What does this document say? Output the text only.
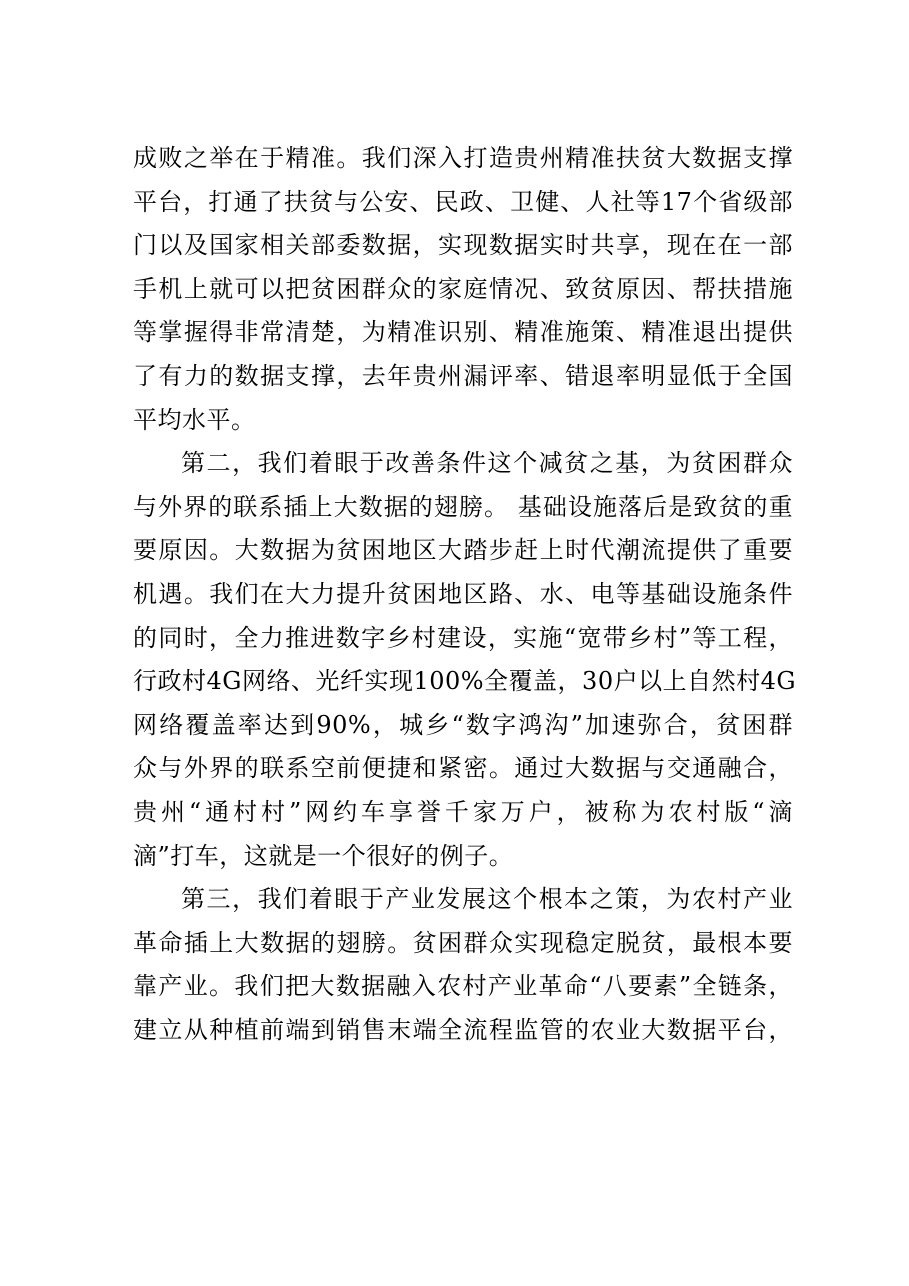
成败之举在于精准。我们深入打造贵州精准扶贫大数据支撑
平台，打通了扶贫与公安、民政、卫健、人社等17个省级部
门以及国家相关部委数据，实现数据实时共享，现在在一部
手机上就可以把贫困群众的家庭情况、致贫原因、帮扶措施
等掌握得非常清楚，为精准识别、精准施策、精准退出提供
了有力的数据支撑，去年贵州漏评率、错退率明显低于全国
平均水平。
第二，我们着眼于改善条件这个减贫之基，为贫困群众
与外界的联系插上大数据的翅膀。 基础设施落后是致贫的重
要原因。大数据为贫困地区大踏步赶上时代潮流提供了重要
机遇。我们在大力提升贫困地区路、水、电等基础设施条件
的同时，全力推进数字乡村建设，实施“宽带乡村”等工程，
行政村4G网络、光纤实现100%全覆盖，30户以上自然村4G
网络覆盖率达到90%，城乡“数字鸿沟”加速弥合，贫困群
众与外界的联系空前便捷和紧密。通过大数据与交通融合，
贵州“通村村”网约车享誉千家万户，被称为农村版“滴
滴”打车，这就是一个很好的例子。
第三，我们着眼于产业发展这个根本之策，为农村产业
革命插上大数据的翅膀。贫困群众实现稳定脱贫，最根本要
靠产业。我们把大数据融入农村产业革命“八要素”全链条，
建立从种植前端到销售末端全流程监管的农业大数据平台，
